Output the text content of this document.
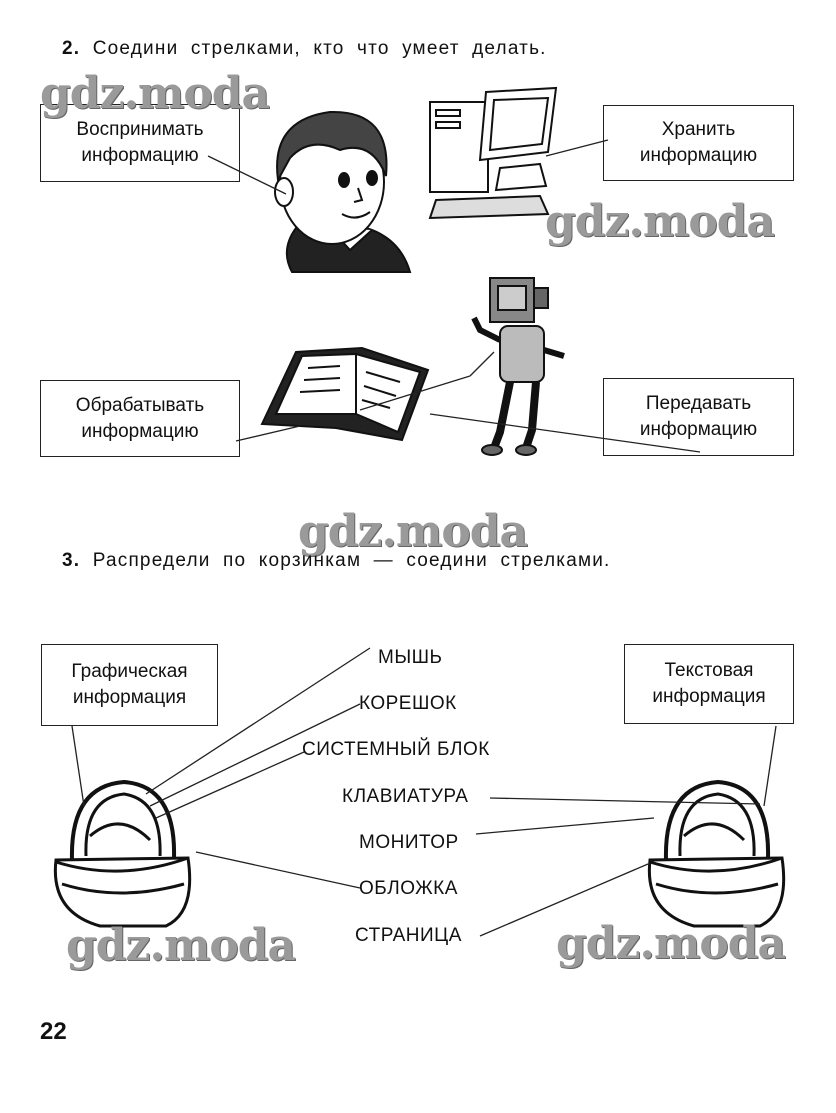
2. Соедини стрелками, кто что умеет делать.
Воспринимать
информацию
Хранить
информацию
Обрабатывать
информацию
Передавать
информацию
gdz.moda
gdz.moda
gdz.moda
gdz.moda	gdz.moda
3. Распредели по корзинкам — соедини стрелками.
Графическая
информация
Текстовая
информация
МЫШЬ
КОРЕШОК
СИСТЕМНЫЙ БЛОК
КЛАВИАТУРА
МОНИТОР
ОБЛОЖКА
СТРАНИЦА
22
